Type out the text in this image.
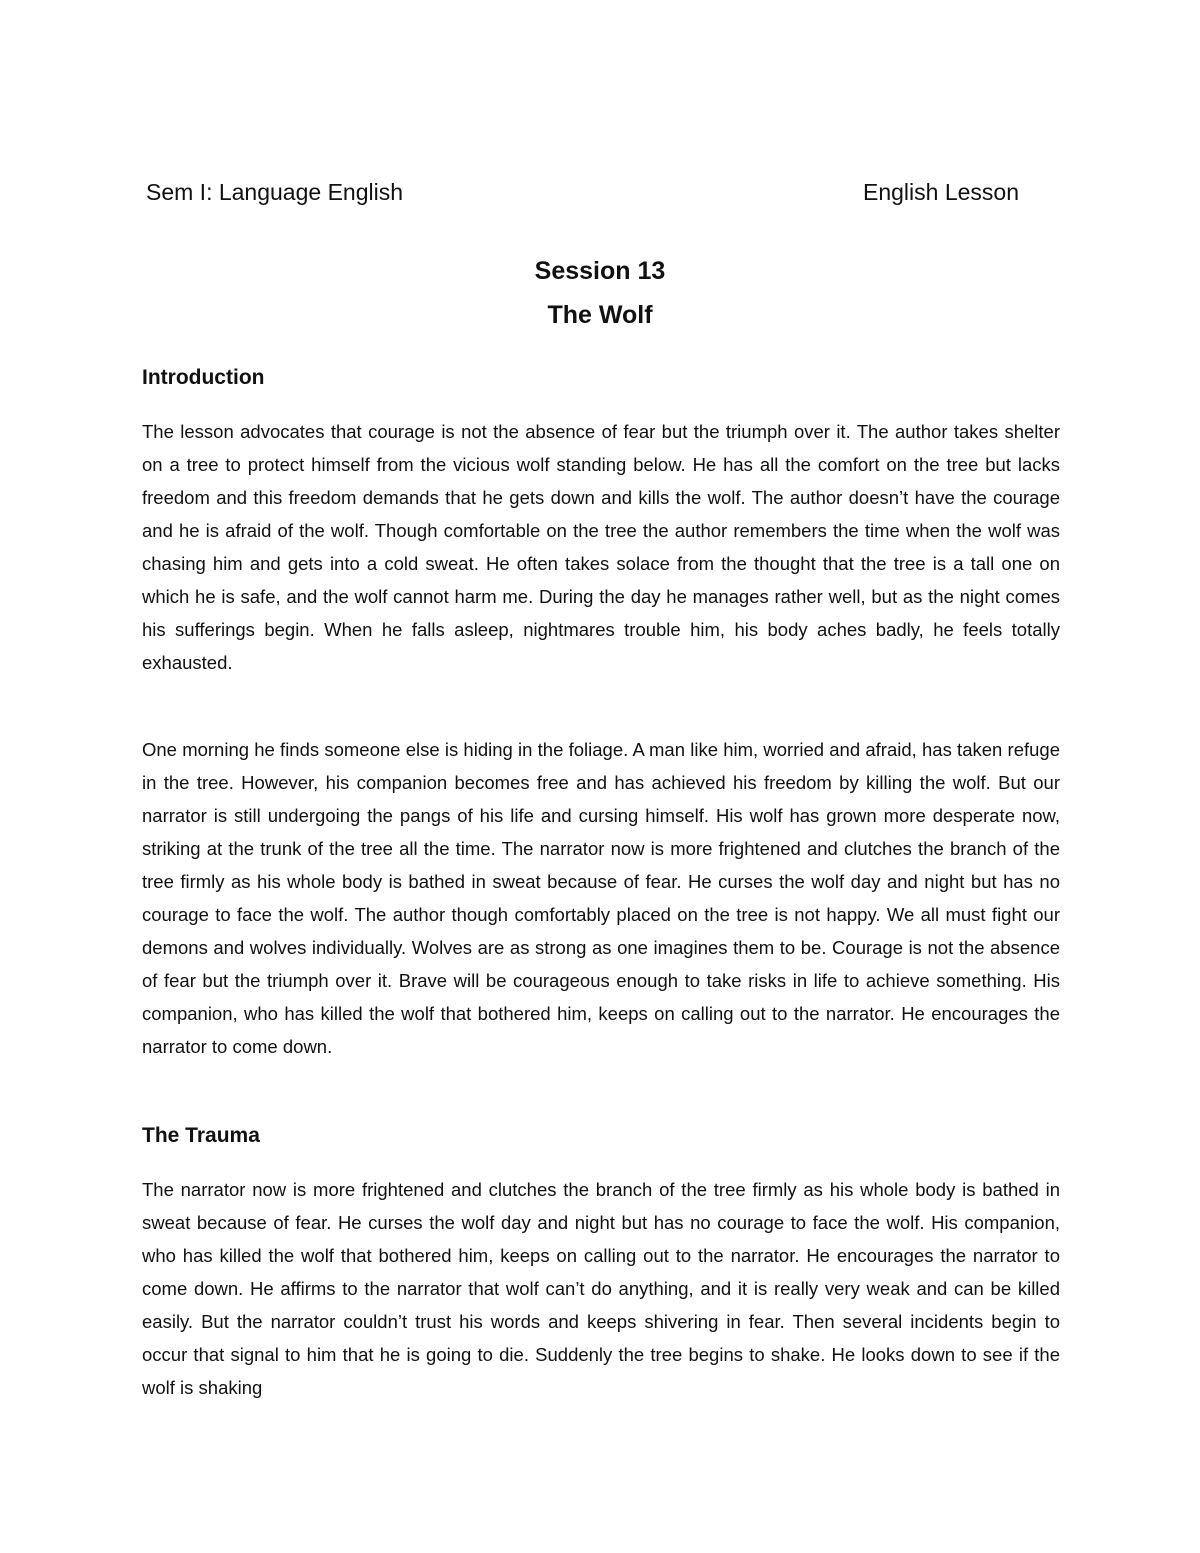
Sem I: Language English	English Lesson
Session 13
The Wolf
Introduction

The lesson advocates that courage is not the absence of fear but the triumph over it. The author takes shelter on a tree to protect himself from the vicious wolf standing below. He has all the comfort on the tree but lacks freedom and this freedom demands that he gets down and kills the wolf. The author doesn’t have the courage and he is afraid of the wolf. Though comfortable on the tree the author remembers the time when the wolf was chasing him and gets into a cold sweat. He often takes solace from the thought that the tree is a tall one on which he is safe, and the wolf cannot harm me. During the day he manages rather well, but as the night comes his sufferings begin. When he falls asleep, nightmares trouble him, his body aches badly, he feels totally exhausted.

One morning he finds someone else is hiding in the foliage. A man like him, worried and afraid, has taken refuge in the tree. However, his companion becomes free and has achieved his freedom by killing the wolf. But our narrator is still undergoing the pangs of his life and cursing himself. His wolf has grown more desperate now, striking at the trunk of the tree all the time. The narrator now is more frightened and clutches the branch of the tree firmly as his whole body is bathed in sweat because of fear. He curses the wolf day and night but has no courage to face the wolf. The author though comfortably placed on the tree is not happy. We all must fight our demons and wolves individually. Wolves are as strong as one imagines them to be. Courage is not the absence of fear but the triumph over it. Brave will be courageous enough to take risks in life to achieve something. His companion, who has killed the wolf that bothered him, keeps on calling out to the narrator. He encourages the narrator to come down.

The Trauma

The narrator now is more frightened and clutches the branch of the tree firmly as his whole body is bathed in sweat because of fear. He curses the wolf day and night but has no courage to face the wolf. His companion, who has killed the wolf that bothered him, keeps on calling out to the narrator. He encourages the narrator to come down. He affirms to the narrator that wolf can’t do anything, and it is really very weak and can be killed easily. But the narrator couldn’t trust his words and keeps shivering in fear. Then several incidents begin to occur that signal to him that he is going to die. Suddenly the tree begins to shake. He looks down to see if the wolf is shaking
